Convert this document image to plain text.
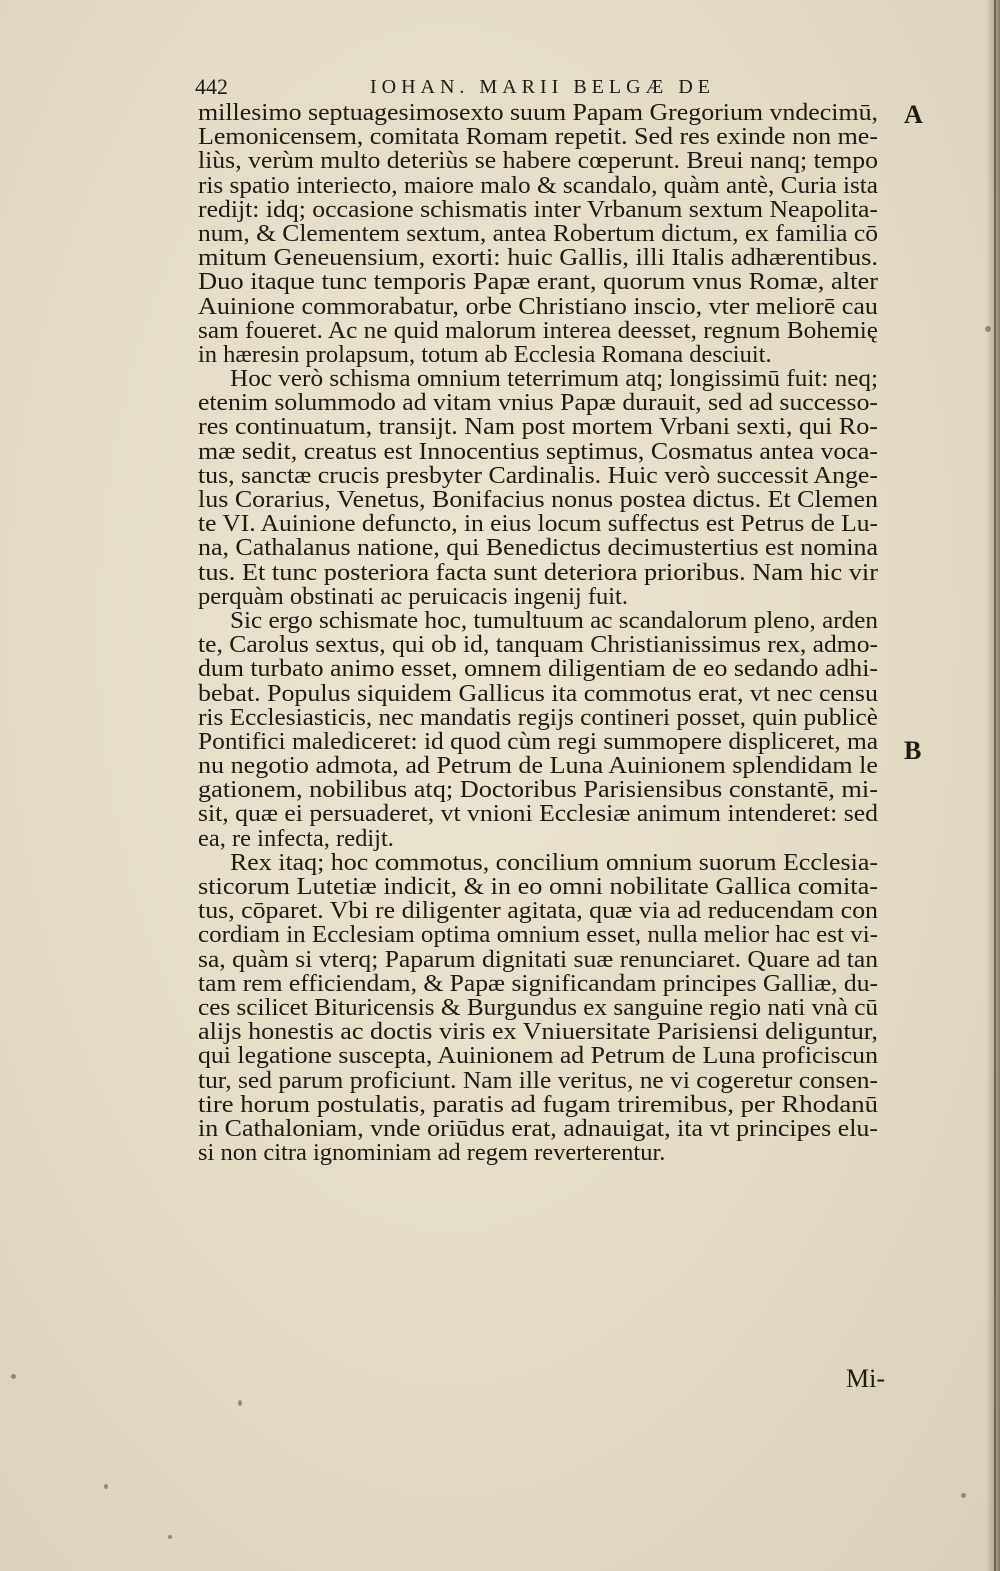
442	IOHAN. MARII BELGÆ DE
millesimo septuagesimosexto suum Papam Gregorium vndecimū,
Lemonicensem, comitata Romam repetit. Sed res exinde non me-
liùs, verùm multo deteriùs se habere cœperunt. Breui nanq; tempo
ris spatio interiecto, maiore malo & scandalo, quàm antè, Curia ista
rediјt: idq; occasione schismatis inter Vrbanum sextum Neapolita-
num, & Clementem sextum, antea Robertum dictum, ex familia cō
mitum Geneuensium, exorti: huic Gallis, illi Italis adhærentibus.
Duo itaque tunc temporis Papæ erant, quorum vnus Romæ, alter
Auinione commorabatur, orbe Christiano inscio, vter meliorē cau
sam foueret. Ac ne quid malorum interea deesset, regnum Bohemię
in hæresin prolapsum, totum ab Ecclesia Romana desciuit.
Hoc verò schisma omnium teterrimum atq; longissimū fuit: neq;
etenim solummodo ad vitam vnius Papæ durauit, sed ad successo-
res continuatum, transiјt. Nam post mortem Vrbani sexti, qui Ro-
mæ sedit, creatus est Innocentius septimus, Cosmatus antea voca-
tus, sanctæ crucis presbyter Cardinalis. Huic verò successit Ange-
lus Corarius, Venetus, Bonifacius nonus postea dictus. Et Clemen
te VI. Auinione defuncto, in eius locum suffectus est Petrus de Lu-
na, Cathalanus natione, qui Benedictus decimustertius est nomina
tus. Et tunc posteriora facta sunt deteriora prioribus. Nam hic vir
perquàm obstinati ac peruicacis ingeniј fuit.
Sic ergo schismate hoc, tumultuum ac scandalorum pleno, arden
te, Carolus sextus, qui ob id, tanquam Christianissimus rex, admo-
dum turbato animo esset, omnem diligentiam de eo sedando adhi-
bebat. Populus siquidem Gallicus ita commotus erat, vt nec censu
ris Ecclesiasticis, nec mandatis regiјs contineri posset, quin publicè
Pontifici malediceret: id quod cùm regi summopere displiceret, ma
nu negotio admota, ad Petrum de Luna Auinionem splendidam le
gationem, nobilibus atq; Doctoribus Parisiensibus constantē, mi-
sit, quæ ei persuaderet, vt vnioni Ecclesiæ animum intenderet: sed
ea, re infecta, rediјt.
Rex itaq; hoc commotus, concilium omnium suorum Ecclesia-
sticorum Lutetiæ indicit, & in eo omni nobilitate Gallica comita-
tus, cōparet. Vbi re diligenter agitata, quæ via ad reducendam con
cordiam in Ecclesiam optima omnium esset, nulla melior hac est vi-
sa, quàm si vterq; Paparum dignitati suæ renunciaret. Quare ad tan
tam rem efficiendam, & Papæ significandam principes Galliæ, du-
ces scilicet Bituricensis & Burgundus ex sanguine regio nati vnà cū
aliјs honestis ac doctis viris ex Vniuersitate Parisiensi deliguntur,
qui legatione suscepta, Auinionem ad Petrum de Luna proficiscun
tur, sed parum proficiunt. Nam ille veritus, ne vi cogeretur consen-
tire horum postulatis, paratis ad fugam triremibus, per Rhodanū
in Cathaloniam, vnde oriūdus erat, adnauigat, ita vt principes elu-
si non citra ignominiam ad regem reverterentur.
A
B
Mi-
